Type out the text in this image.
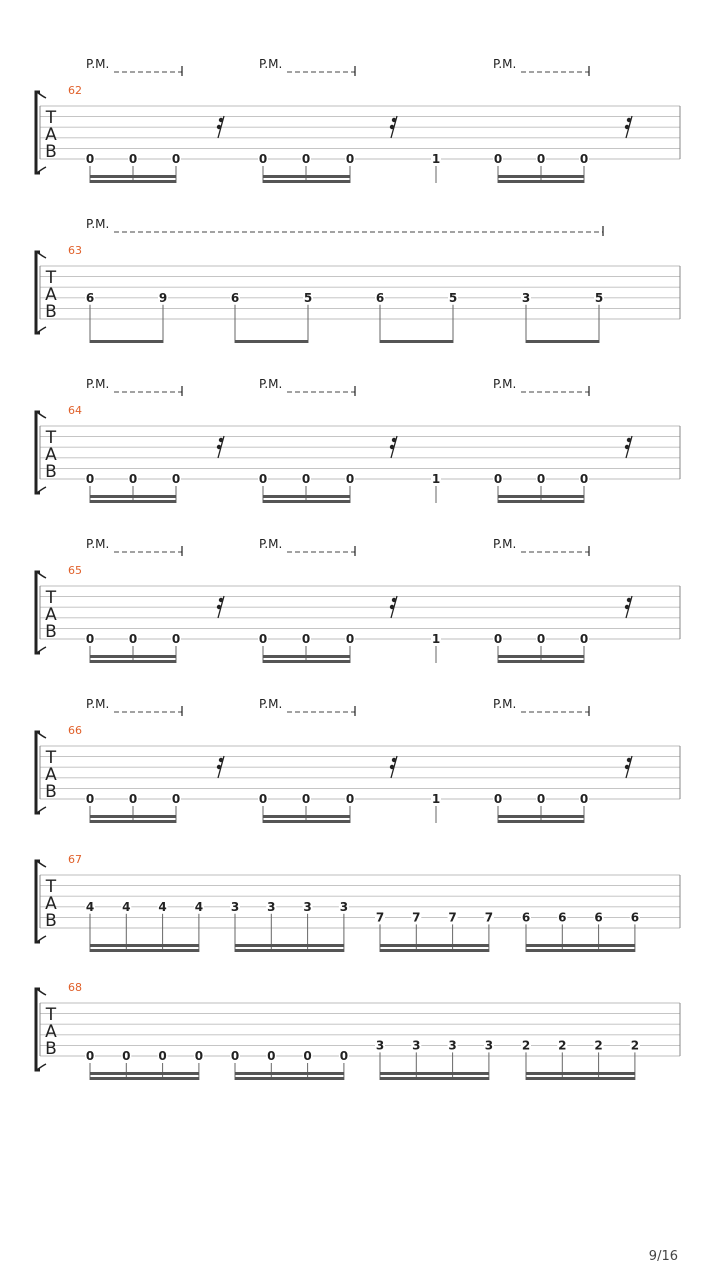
T
A
B
62
P.M.	P.M.	P.M.
0	0	0	0	0	0	1	0	0	0
T
A
B
63
P.M.
6	9	6	5	6	5	3	5
T
A
B
64
P.M.	P.M.	P.M.
0	0	0	0	0	0	1	0	0	0
T
A
B
65
P.M.	P.M.	P.M.
0	0	0	0	0	0	1	0	0	0
T
A
B
66
P.M.	P.M.	P.M.
0	0	0	0	0	0	1	0	0	0
T
A
B
67
4 4 4 4 3 3 3 3
7 7 7 7 6 6 6 6
T
A
B
68
0 0 0 0 0 0 0 0
3 3 3 3 2 2 2 2
9/16
